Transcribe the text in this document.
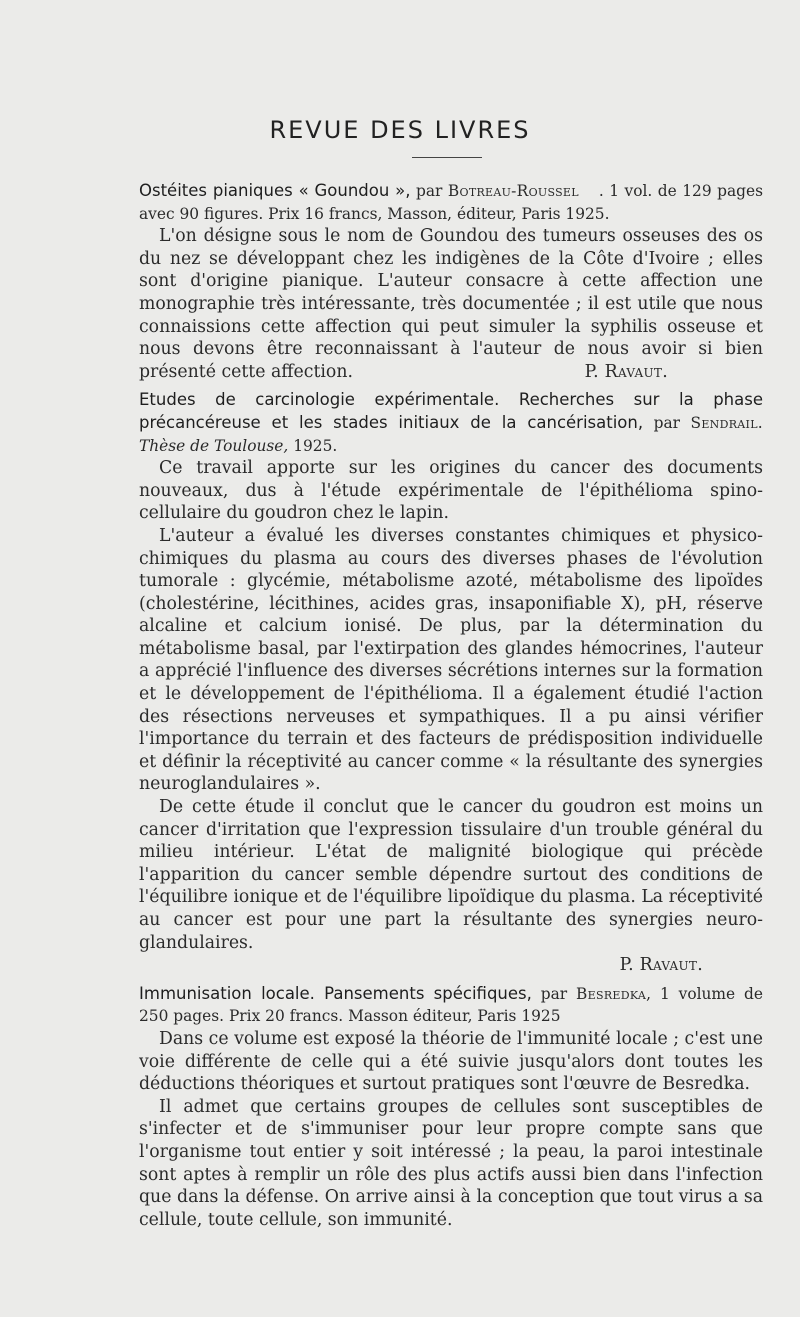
REVUE DES LIVRES

Ostéites pianiques « Goundou », par Botreau-Roussel . 1 vol. de 129 pages avec 90 figures. Prix 16 francs, Masson, éditeur, Paris 1925.

L'on désigne sous le nom de Goundou des tumeurs osseuses des os du nez se développant chez les indigènes de la Côte d'Ivoire ; elles sont d'origine pianique. L'auteur consacre à cette affection une monographie très intéressante, très documentée ; il est utile que nous connaissions cette affection qui peut simuler la syphilis osseuse et nous devons être reconnaissant à l'auteur de nous avoir si bien présenté cette affection.	P. Ravaut.

Etudes de carcinologie expérimentale. Recherches sur la phase précancéreuse et les stades initiaux de la cancérisation, par Sendrail. Thèse de Toulouse, 1925.

Ce travail apporte sur les origines du cancer des documents nouveaux, dus à l'étude expérimentale de l'épithélioma spino-cellulaire du goudron chez le lapin.

L'auteur a évalué les diverses constantes chimiques et physico-chimiques du plasma au cours des diverses phases de l'évolution tumorale : glycémie, métabolisme azoté, métabolisme des lipoïdes (cholestérine, lécithines, acides gras, insaponifiable X), pH, réserve alcaline et calcium ionisé. De plus, par la détermination du métabolisme basal, par l'extirpation des glandes hémocrines, l'auteur a apprécié l'influence des diverses sécrétions internes sur la formation et le développement de l'épithélioma. Il a également étudié l'action des résections nerveuses et sympathiques. Il a pu ainsi vérifier l'importance du terrain et des facteurs de prédisposition individuelle et définir la réceptivité au cancer comme « la résultante des synergies neuroglandulaires ».

De cette étude il conclut que le cancer du goudron est moins un cancer d'irritation que l'expression tissulaire d'un trouble général du milieu intérieur. L'état de malignité biologique qui précède l'apparition du cancer semble dépendre surtout des conditions de l'équilibre ionique et de l'équilibre lipoïdique du plasma. La réceptivité au cancer est pour une part la résultante des synergies neuro-glandulaires.

P. Ravaut.

Immunisation locale. Pansements spécifiques, par Besredka, 1 volume de 250 pages. Prix 20 francs. Masson éditeur, Paris 1925

Dans ce volume est exposé la théorie de l'immunité locale ; c'est une voie différente de celle qui a été suivie jusqu'alors dont toutes les déductions théoriques et surtout pratiques sont l'œuvre de Besredka.

Il admet que certains groupes de cellules sont susceptibles de s'infecter et de s'immuniser pour leur propre compte sans que l'organisme tout entier y soit intéressé ; la peau, la paroi intestinale sont aptes à remplir un rôle des plus actifs aussi bien dans l'infection que dans la défense. On arrive ainsi à la conception que tout virus a sa cellule, toute cellule, son immunité.
